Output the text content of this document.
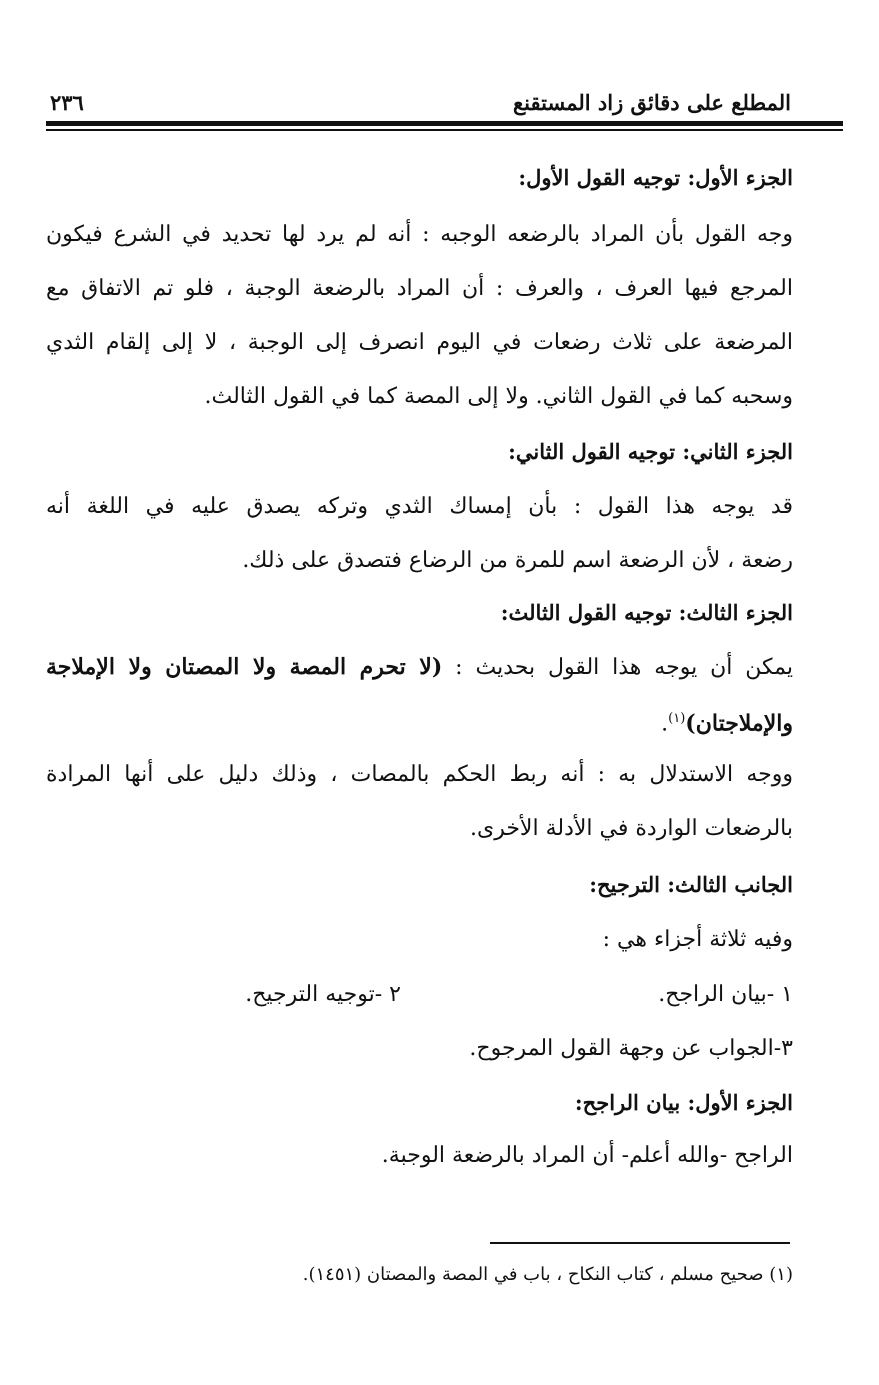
المطلع على دقائق زاد المستقنع
٢٣٦
الجزء الأول: توجيه القول الأول:
وجه القول بأن المراد بالرضعه الوجبه : أنه لم يرد لها تحديد في الشرع فيكون
المرجع فيها العرف ، والعرف : أن المراد بالرضعة الوجبة ، فلو تم الاتفاق مع
المرضعة على ثلاث رضعات في اليوم انصرف إلى الوجبة ، لا إلى إلقام الثدي
وسحبه كما في القول الثاني. ولا إلى المصة كما في القول الثالث.
الجزء الثاني: توجيه القول الثاني:
قد يوجه هذا القول : بأن إمساك الثدي وتركه يصدق عليه في اللغة أنه
رضعة ، لأن الرضعة اسم للمرة من الرضاع فتصدق على ذلك.
الجزء الثالث: توجيه القول الثالث:
يمكن أن يوجه هذا القول بحديث : (لا تحرم المصة ولا المصتان ولا الإملاجة
والإملاجتان)$^{(١)}$.
ووجه الاستدلال به : أنه ربط الحكم بالمصات ، وذلك دليل على أنها المرادة
بالرضعات الواردة في الأدلة الأخرى.
الجانب الثالث: الترجيح:
وفيه ثلاثة أجزاء هي :
١ -بيان الراجح.
٢ -توجيه الترجيح.
٣-الجواب عن وجهة القول المرجوح.
الجزء الأول: بيان الراجح:
الراجح -والله أعلم- أن المراد بالرضعة الوجبة.
(١) صحيح مسلم ، كتاب النكاح ، باب في المصة والمصتان (١٤٥١).
